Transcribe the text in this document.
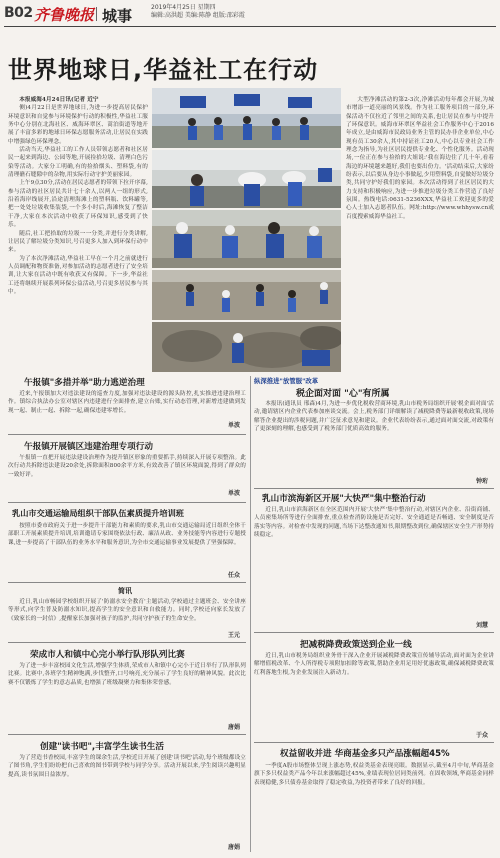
B02 齐鲁晚报 城事	2019年4月25日 星期四
编辑:高洪超 美编:陈静 组版:邵彩霞
世界地球日,华益社工在行动

本报威海4月24日讯(记者 近宁

侧)4月22日是世界地球日,为进一步提高居民保护环境意识和自觉参与环境保护行动的积极性,华益社工服务中心分别在北海社区、威海环翠区、蒿泊街道等地开展了丰富多彩的地球日环保志愿服务活动,让居民在实践中增强绿色环保理念。

活动当天,华益社工的工作人员带领志愿者和社区居民一起来到海边、公园等地,开展捡拾垃圾、清理白色污染等活动。大家分工明确,有的捡拾烟头、塑料袋,有的清理礁石缝隙中的杂物,用实际行动守护美丽家园。

上午9点30分,活动在居民志愿者的带领下拉开序幕,参与活动的社区居民共计七十余人,以两人一组的形式,沿着海岸线展开,沿途清理海滩上的塑料瓶、饮料罐等,把一处处垃圾收集装袋,一个多小时后,海滩恢复了整洁干净,大家在本次活动中收获了环保知识,感受到了快乐。

随后,社工把拾取的垃圾一一分类,并进行分类讲解,让居民了解垃圾分类知识,号召更多人加入到环保行动中来。

为了本次净滩活动,华益社工早在一个月之前就进行人员调配和物资准备,对参加活动的志愿者进行了安全培训,让大家在活动中既有收获又有保障。下一步,华益社工还将继续开展系列环保公益活动,号召更多居民参与其中。

大型净滩活动的第2-3次,净滩活动每年都会开展,为城市增添一道亮丽的风景线。作为社工服务项目的一部分,环保活动不仅拉近了邻里之间的关系,也让居民在参与中提升了环保意识。威海市环翠区华益社会工作服务中心于2016年成立,是由威海市民政局业务主管的民办非企业单位,中心现有员工30余人,其中持证社工20人,中心以专业社会工作理念为指导,为社区居民提供专业化、个性化服务。活动现场,一位正在参与捡拾的大姐说:'我在海边住了几十年,看着海边的环境越来越好,我们也要出份力。'活动结束后,大家纷纷表示,以后要从身边小事做起,少用塑料袋,自觉做好垃圾分类,共同守护好我们的家园。本次活动得到了社区居民的大力支持和积极响应,为进一步推进垃圾分类工作营造了良好氛围。热线电话:0631-5236XXX,华益社工欢迎更多的爱心人士加入志愿者队伍。网址:http://www.whhysw.cn或百度搜索威海华益社工。

午报镇"多措并举"助力逃逆治理

近来,午报镇加大对违法建设的巡查力度,加强对违法建设的源头防控,扎实推进违建治理工作。镇综合执法办公室对辖区内违建进行全面排查,建立台账,实行动态管理,对新增违建做到发现一起、制止一起、拆除一起,确保违建零增长。

单波
午报镇开展镇区违建治理专项行动

午报镇一直把开展违法建设治理作为提升镇区形象的重要抓手,持续深入开展专项整治。此次行动共拆除违法建设20余处,拆除面积800余平方米,有效改善了镇区环境面貌,得到了群众的一致好评。

单波
乳山市交通运输局组织干部队伍素质提升培训班

按照市委市政府关于进一步提升干部能力和素质的要求,乳山市交通运输局近日组织全体干部职工开展素质提升培训,培训邀请专家围绕依法行政、廉洁从政、业务技能等内容进行专题授课,进一步提高了干部队伍的业务水平和服务意识,为全市交通运输事业发展提供了坚强保障。

任众
简讯

近日,乳山市畅园学校组织开展了'防溺水安全教育'主题活动,学校通过主题班会、安全讲座等形式,向学生普及防溺水知识,提高学生的安全意识和自救能力。同时,学校还向家长发放了《致家长的一封信》,提醒家长加强对孩子的监护,共同守护孩子的生命安全。

王元
荣成市人和镇中心完小举行队形队列比赛

为了进一步丰富校园文化生活,增强学生体质,荣成市人和镇中心完小于近日举行了队形队列比赛。比赛中,各班学生精神饱满,步伐整齐,口号响亮,充分展示了学生良好的精神风貌。此次比赛不仅锻炼了学生的意志品质,也增强了班级凝聚力和集体荣誉感。

唐娟
创建"读书吧",丰富学生读书生活

为了营造书香校园,丰富学生的课余生活,学校近日开展了创建'读书吧'活动,每个班级都设立了图书角,学生们纷纷把自己喜欢的图书带到学校与同学分享。活动开展以来,学生阅读兴趣明显提高,读书氛围日益浓厚。

唐娟
纵深推进"放管服"改革
税企面对面 "心"有所属

本报讯(通讯员 邢森)4月,为进一步优化税收营商环境,乳山市税务局组织开展'税企面对面'活动,邀请辖区内企业代表参加座谈交流。会上,税务部门详细解读了减税降费等最新税收政策,现场解答企业提出的涉税问题,并广泛征求意见和建议。企业代表纷纷表示,通过面对面交流,对政策有了更深刻的理解,也感受到了税务部门优质高效的服务。

钟珩
乳山市滨海新区开展"大快严"集中整治行动

近日,乳山市滨海新区在全区范围内开展'大快严'集中整治行动,对辖区内企业、沿街商铺、人员密集场所等进行全面排查,重点检查消防设施是否完好、安全通道是否畅通、安全制度是否落实等内容。对检查中发现的问题,当场下达整改通知书,限期整改到位,确保辖区安全生产形势持续稳定。

刘慧
把减税降费政策送到企业一线

近日,乳山市税务局组织业务骨干深入企业开展减税降费政策宣传辅导活动,面对面为企业讲解增值税改革、个人所得税专项附加扣除等政策,帮助企业用足用好优惠政策,确保减税降费政策红利落地生根,为企业发展注入新动力。

于众
权益留收并进 华商基金多只产品涨幅超45%

一季度A股市场整体呈现上涨态势,权益类基金表现亮眼。数据显示,截至4月中旬,华商基金旗下多只权益类产品今年以来涨幅超过45%,业绩表现位居同类前列。在固收领域,华商基金同样表现稳健,多只债券基金取得了稳定收益,为投资者带来了良好的回报。
